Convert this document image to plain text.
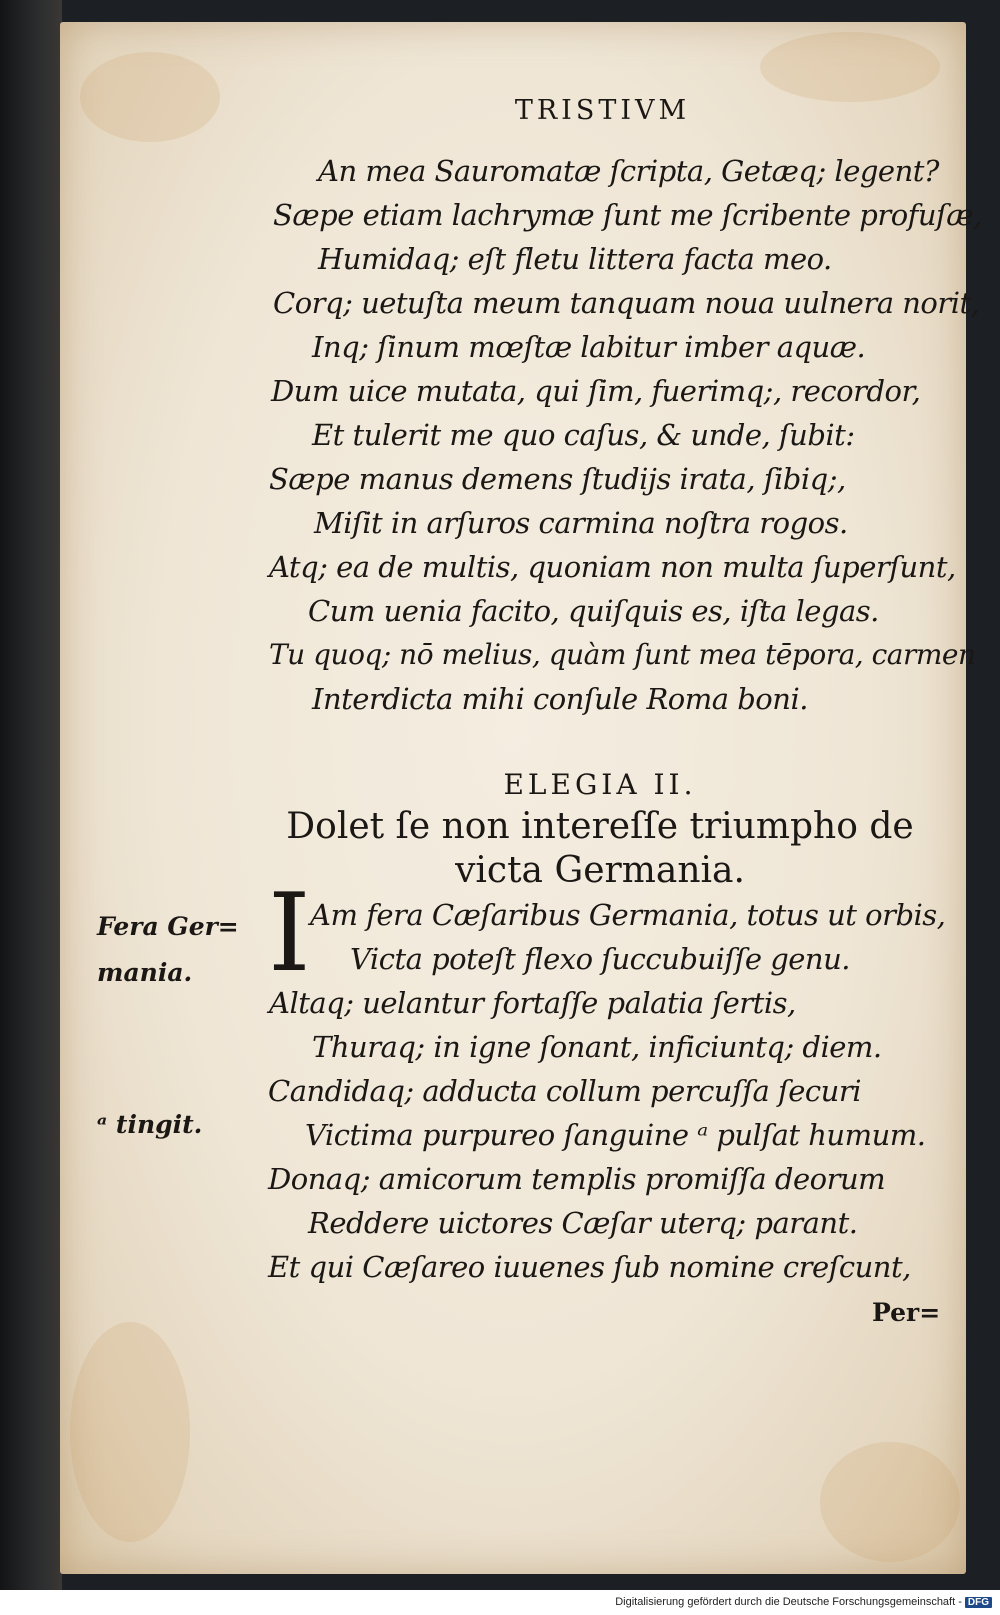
TRISTIVM
An mea Sauromatæ ſcripta, Getæq; legent?
Sæpe etiam lachrymæ ſunt me ſcribente profuſæ,
Humidaq; eſt fletu littera facta meo.
Corq; uetuſta meum tanquam noua uulnera norit,
Inq; ſinum mœſtæ labitur imber aquæ.
Dum uice mutata, qui ſim, fuerimq;, recordor,
Et tulerit me quo caſus, & unde, ſubit:
Sæpe manus demens ſtudijs irata, ſibiq;,
Miſit in arſuros carmina noſtra rogos.
Atq; ea de multis, quoniam non multa ſuperſunt,
Cum uenia facito, quiſquis es, iſta legas.
Tu quoq; nō melius, quàm ſunt mea tēpora, carmen
Interdicta mihi conſule Roma boni.
ELEGIA II.
Dolet ſe non intereſſe triumpho de
victa Germania.
I Am fera Cæſaribus Germania, totus ut orbis,
Victa poteſt flexo ſuccubuiſſe genu.
Altaq; uelantur fortaſſe palatia ſertis,
Thuraq; in igne ſonant, inficiuntq; diem.
Candidaq; adducta collum percuſſa ſecuri
Victima purpureo ſanguine ᵃ pulſat humum.
Donaq; amicorum templis promiſſa deorum
Reddere uictores Cæſar uterq; parant.
Et qui Cæſareo iuuenes ſub nomine creſcunt,
Fera Ger=
mania.
ᵃ tingit.
Per=
Digitalisierung gefördert durch die Deutsche Forschungsgemeinschaft - DFG
